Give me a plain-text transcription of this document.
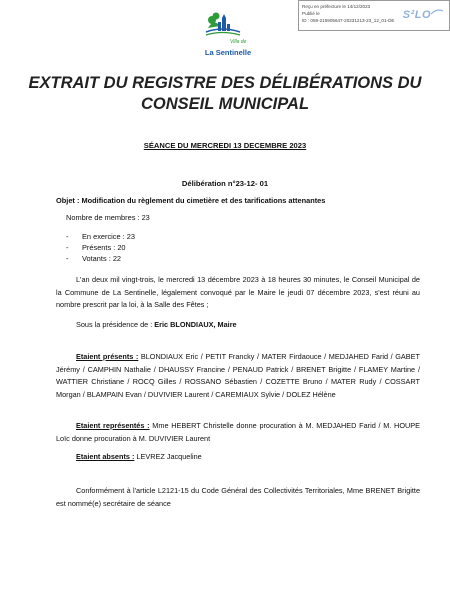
Reçu en préfecture le 14/12/2023
Publié le
ID : 059-215905647-20231213-23_12_01-DE S²LO
Villa de
La Sentinelle
EXTRAIT DU REGISTRE DES DÉLIBÉRATIONS DU
CONSEIL MUNICIPAL
SÉANCE DU MERCREDI 13 DECEMBRE 2023
Délibération n°23-12- 01
Objet : Modification du règlement du cimetière et des tarifications attenantes
Nombre de membres : 23
- En exercice : 23
- Présents : 20
- Votants : 22
L'an deux mil vingt-trois, le mercredi 13 décembre 2023 à 18 heures 30 minutes, le Conseil Municipal de la Commune de La Sentinelle, légalement convoqué par le Maire le jeudi 07 décembre 2023, s'est réuni au nombre prescrit par la loi, à la Salle des Fêtes ;
Sous la présidence de : Eric BLONDIAUX, Maire
Etaient présents : BLONDIAUX Eric / PETIT Francky / MATER Firdaouce / MEDJAHED Farid / GABET Jérémy / CAMPHIN Nathalie / DHAUSSY Francine / PENAUD Patrick / BRENET Brigitte / FLAMEY Martine / WATTIER Christiane / ROCQ Gilles / ROSSANO Sébastien / COZETTE Bruno / MATER Rudy / COSSART Morgan / BLAMPAIN Evan / DUVIVIER Laurent / CAREMIAUX Sylvie / DOLEZ Hélène
Etaient représentés : Mme HEBERT Christelle donne procuration à M. MEDJAHED Farid / M. HOUPE Loïc donne procuration à M. DUVIVIER Laurent
Etaient absents : LEVREZ Jacqueline
Conformément à l'article L2121-15 du Code Général des Collectivités Territoriales, Mme BRENET Brigitte est nommé(e) secrétaire de séance
